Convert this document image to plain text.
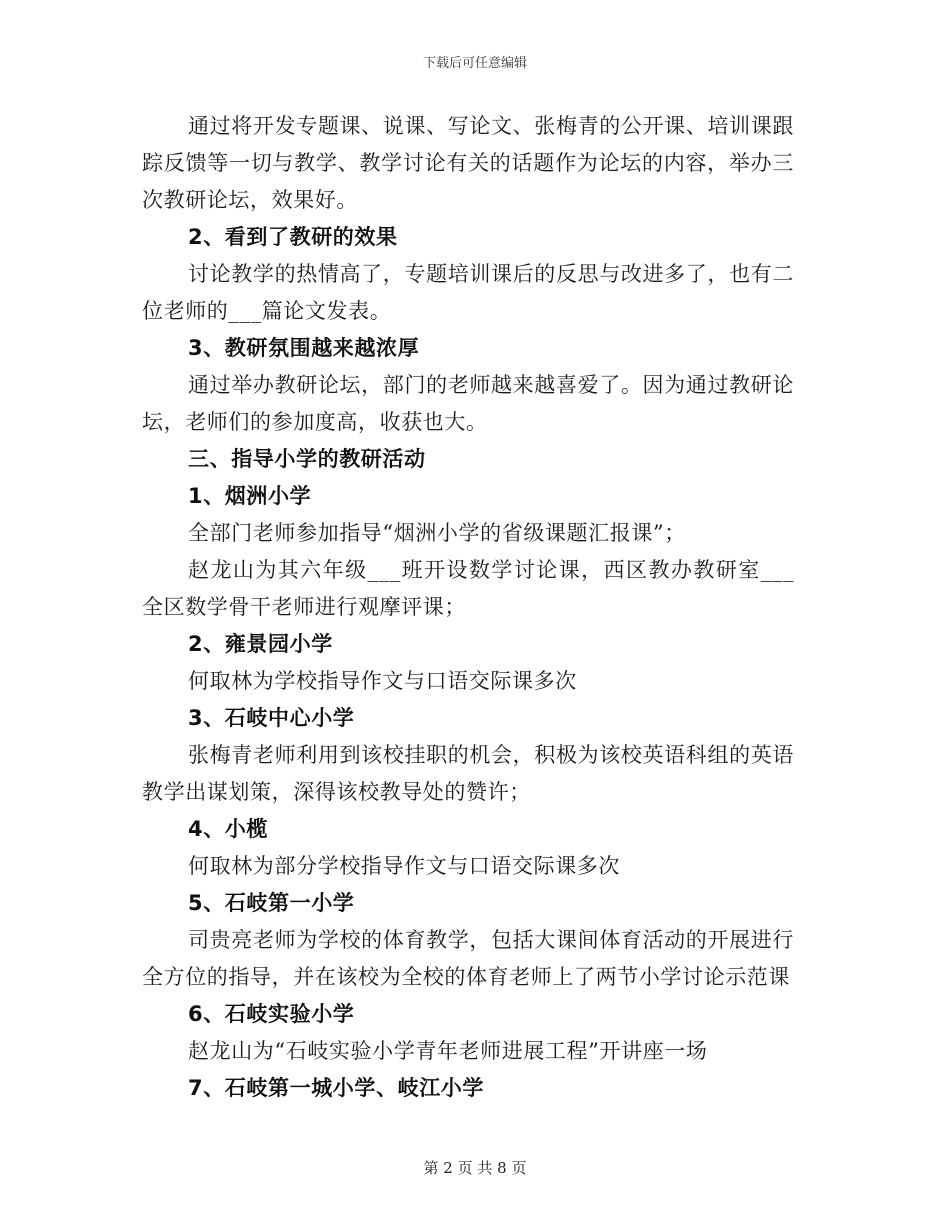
下载后可任意编辑

通过将开发专题课、说课、写论文、张梅青的公开课、培训课跟踪反馈等一切与教学、教学讨论有关的话题作为论坛的内容，举办三次教研论坛，效果好。

2、看到了教研的效果

讨论教学的热情高了，专题培训课后的反思与改进多了，也有二位老师的___篇论文发表。

3、教研氛围越来越浓厚

通过举办教研论坛，部门的老师越来越喜爱了。因为通过教研论坛，老师们的参加度高，收获也大。

三、指导小学的教研活动

1、烟洲小学

全部门老师参加指导“烟洲小学的省级课题汇报课”；

赵龙山为其六年级___班开设数学讨论课，西区教办教研室___全区数学骨干老师进行观摩评课；

2、雍景园小学

何取林为学校指导作文与口语交际课多次

3、石岐中心小学

张梅青老师利用到该校挂职的机会，积极为该校英语科组的英语教学出谋划策，深得该校教导处的赞许；

4、小榄

何取林为部分学校指导作文与口语交际课多次

5、石岐第一小学

司贵亮老师为学校的体育教学，包括大课间体育活动的开展进行全方位的指导，并在该校为全校的体育老师上了两节小学讨论示范课

6、石岐实验小学

赵龙山为“石岐实验小学青年老师进展工程”开讲座一场

7、石岐第一城小学、岐江小学

第 2 页 共 8 页
